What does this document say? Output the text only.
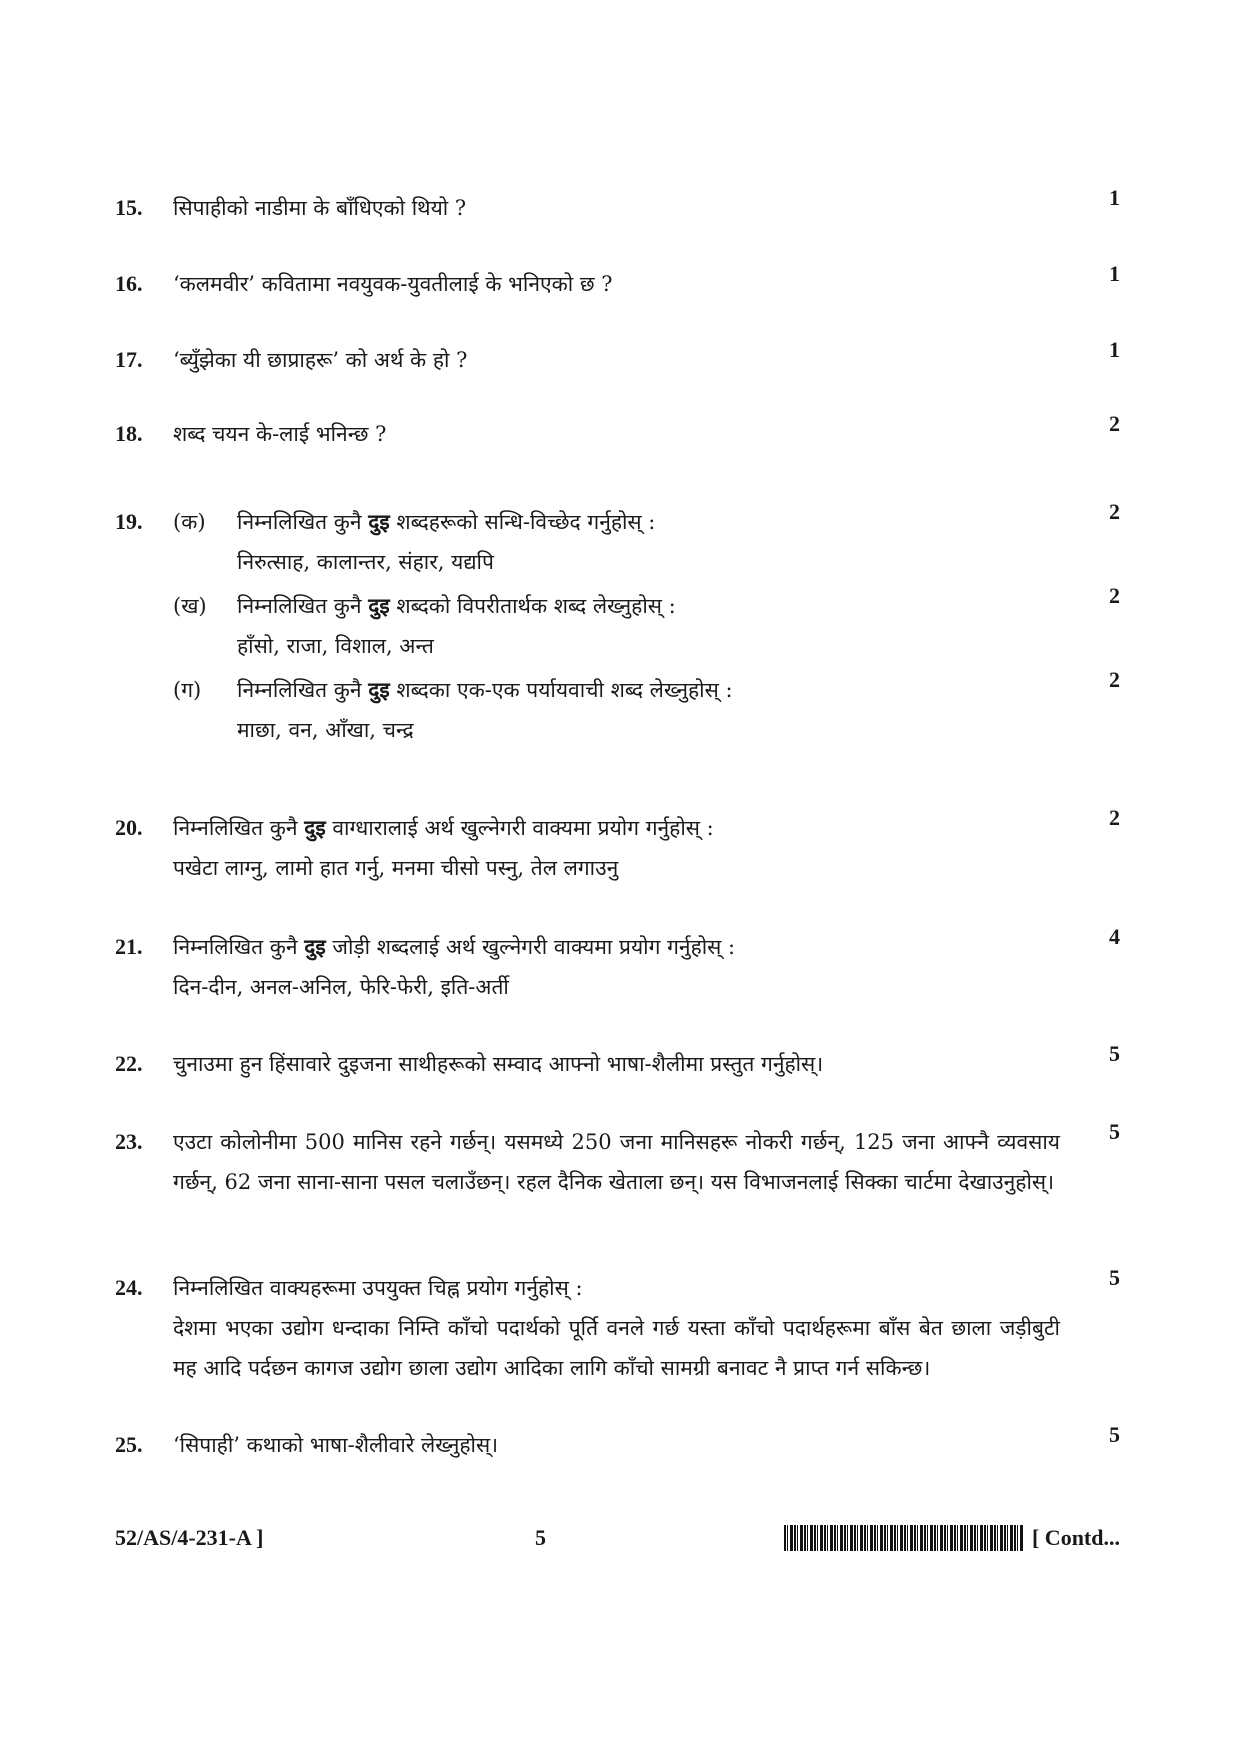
15. सिपाहीको नाडीमा के बाँधिएको थियो ?	1
16. ‘कलमवीर’ कवितामा नवयुवक-युवतीलाई के भनिएको छ ?	1
17. ‘ब्युँझेका यी छाप्राहरू’ को अर्थ के हो ?	1
18. शब्द चयन के-लाई भनिन्छ ?	2
19. (क) निम्नलिखित कुनै दुइ शब्दहरूको सन्धि-विच्छेद गर्नुहोस् :	2
निरुत्साह, कालान्तर, संहार, यद्यपि
(ख) निम्नलिखित कुनै दुइ शब्दको विपरीतार्थक शब्द लेख्नुहोस् :	2
हाँसो, राजा, विशाल, अन्त
(ग) निम्नलिखित कुनै दुइ शब्दका एक-एक पर्यायवाची शब्द लेख्नुहोस् :	2
माछा, वन, आँखा, चन्द्र
20. निम्नलिखित कुनै दुइ वाग्धारालाई अर्थ खुल्नेगरी वाक्यमा प्रयोग गर्नुहोस् :	2
पखेटा लाग्नु, लामो हात गर्नु, मनमा चीसो पस्नु, तेल लगाउनु
21. निम्नलिखित कुनै दुइ जोड़ी शब्दलाई अर्थ खुल्नेगरी वाक्यमा प्रयोग गर्नुहोस् :	4
दिन-दीन, अनल-अनिल, फेरि-फेरी, इति-अर्ती
22. चुनाउमा हुन हिंसावारे दुइजना साथीहरूको सम्वाद आफ्नो भाषा-शैलीमा प्रस्तुत गर्नुहोस्।	5
23.	5
एउटा कोलोनीमा 500 मानिस रहने गर्छन्। यसमध्ये 250 जना मानिसहरू नोकरी गर्छन्, 125 जना आफ्नै व्यवसाय गर्छन्, 62 जना साना-साना पसल चलाउँछन्। रहल दैनिक खेताला छन्। यस विभाजनलाई सिक्का चार्टमा देखाउनुहोस्।
24. निम्नलिखित वाक्यहरूमा उपयुक्त चिह्न प्रयोग गर्नुहोस् :	5
देशमा भएका उद्योग धन्दाका निम्ति काँचो पदार्थको पूर्ति वनले गर्छ यस्ता काँचो पदार्थहरूमा बाँस बेत छाला जड़ीबुटी मह आदि पर्दछन कागज उद्योग छाला उद्योग आदिका लागि काँचो सामग्री बनावट नै प्राप्त गर्न सकिन्छ।
25. ‘सिपाही’ कथाको भाषा-शैलीवारे लेख्नुहोस्।	5
52/AS/4-231-A ]	5	[ Contd...
